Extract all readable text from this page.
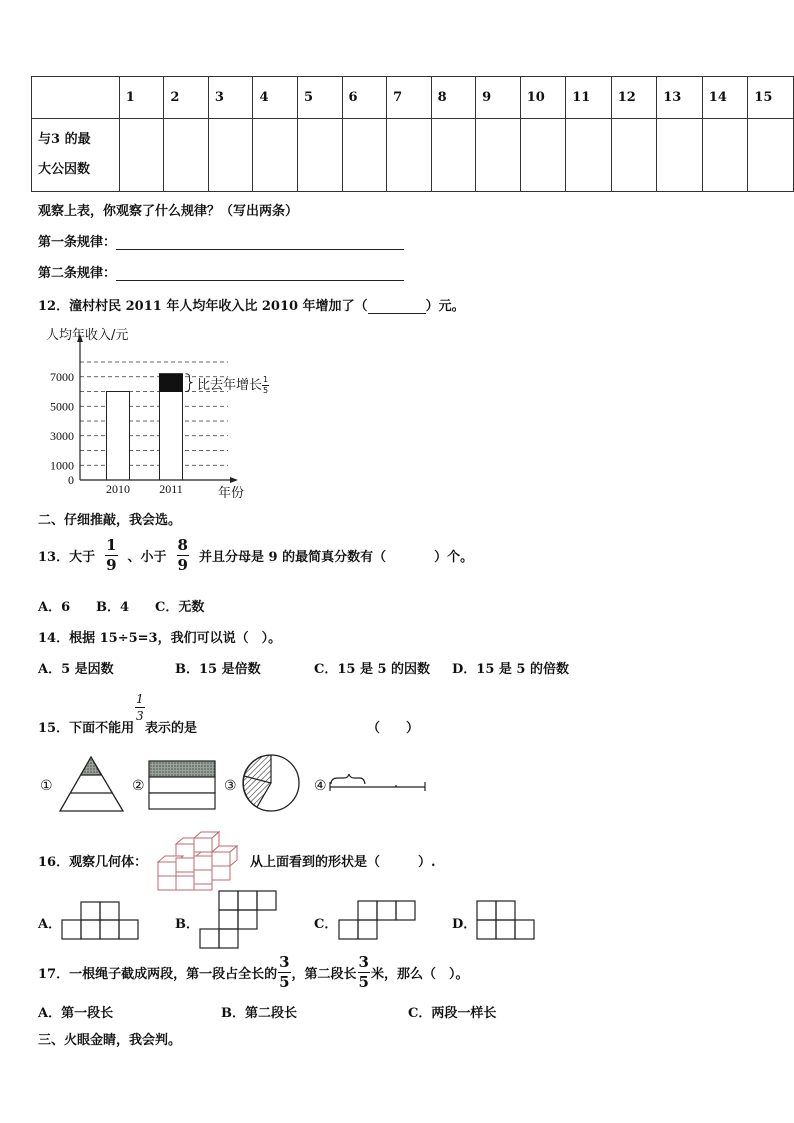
	1	2	3	4	5	6	7	8	9	10	11	12	13	14	15

与3 的最
大公因数															

观察上表，你观察了什么规律？（写出两条）
第一条规律：
第二条规律：
12．潼村村民 2011 年人均年收入比 2010 年增加了（	）元。
2010 2011
0
1000
3000
5000
7000
人均年收入/元
年份
比去年增长 $\frac{1}{5}$
二、仔细推敲，我会选。
13．大于 $\frac{1}{9}$ 、小于 $\frac{8}{9}$ 并且分母是 9 的最简真分数有（	）个。
A．6 B．4 C．无数
14．根据 15÷5=3，我们可以说（　）。
A．5 是因数	B．15 是倍数	C．15 是 5 的因数 D．15 是 5 的倍数
15．下面不能用
$\frac{1}{3}$
表示的是	（　　）
①	②	③	④
16．观察几何体：	从上面看到的形状是（	）.
A．	B．	C．	D．
17．一根绳子截成两段，第一段占全长的 $\frac{3}{5}$ ，第二段长 $\frac{3}{5}$ 米，那么（　）。
A．第一段长	B．第二段长	C．两段一样长
三、火眼金睛，我会判。
